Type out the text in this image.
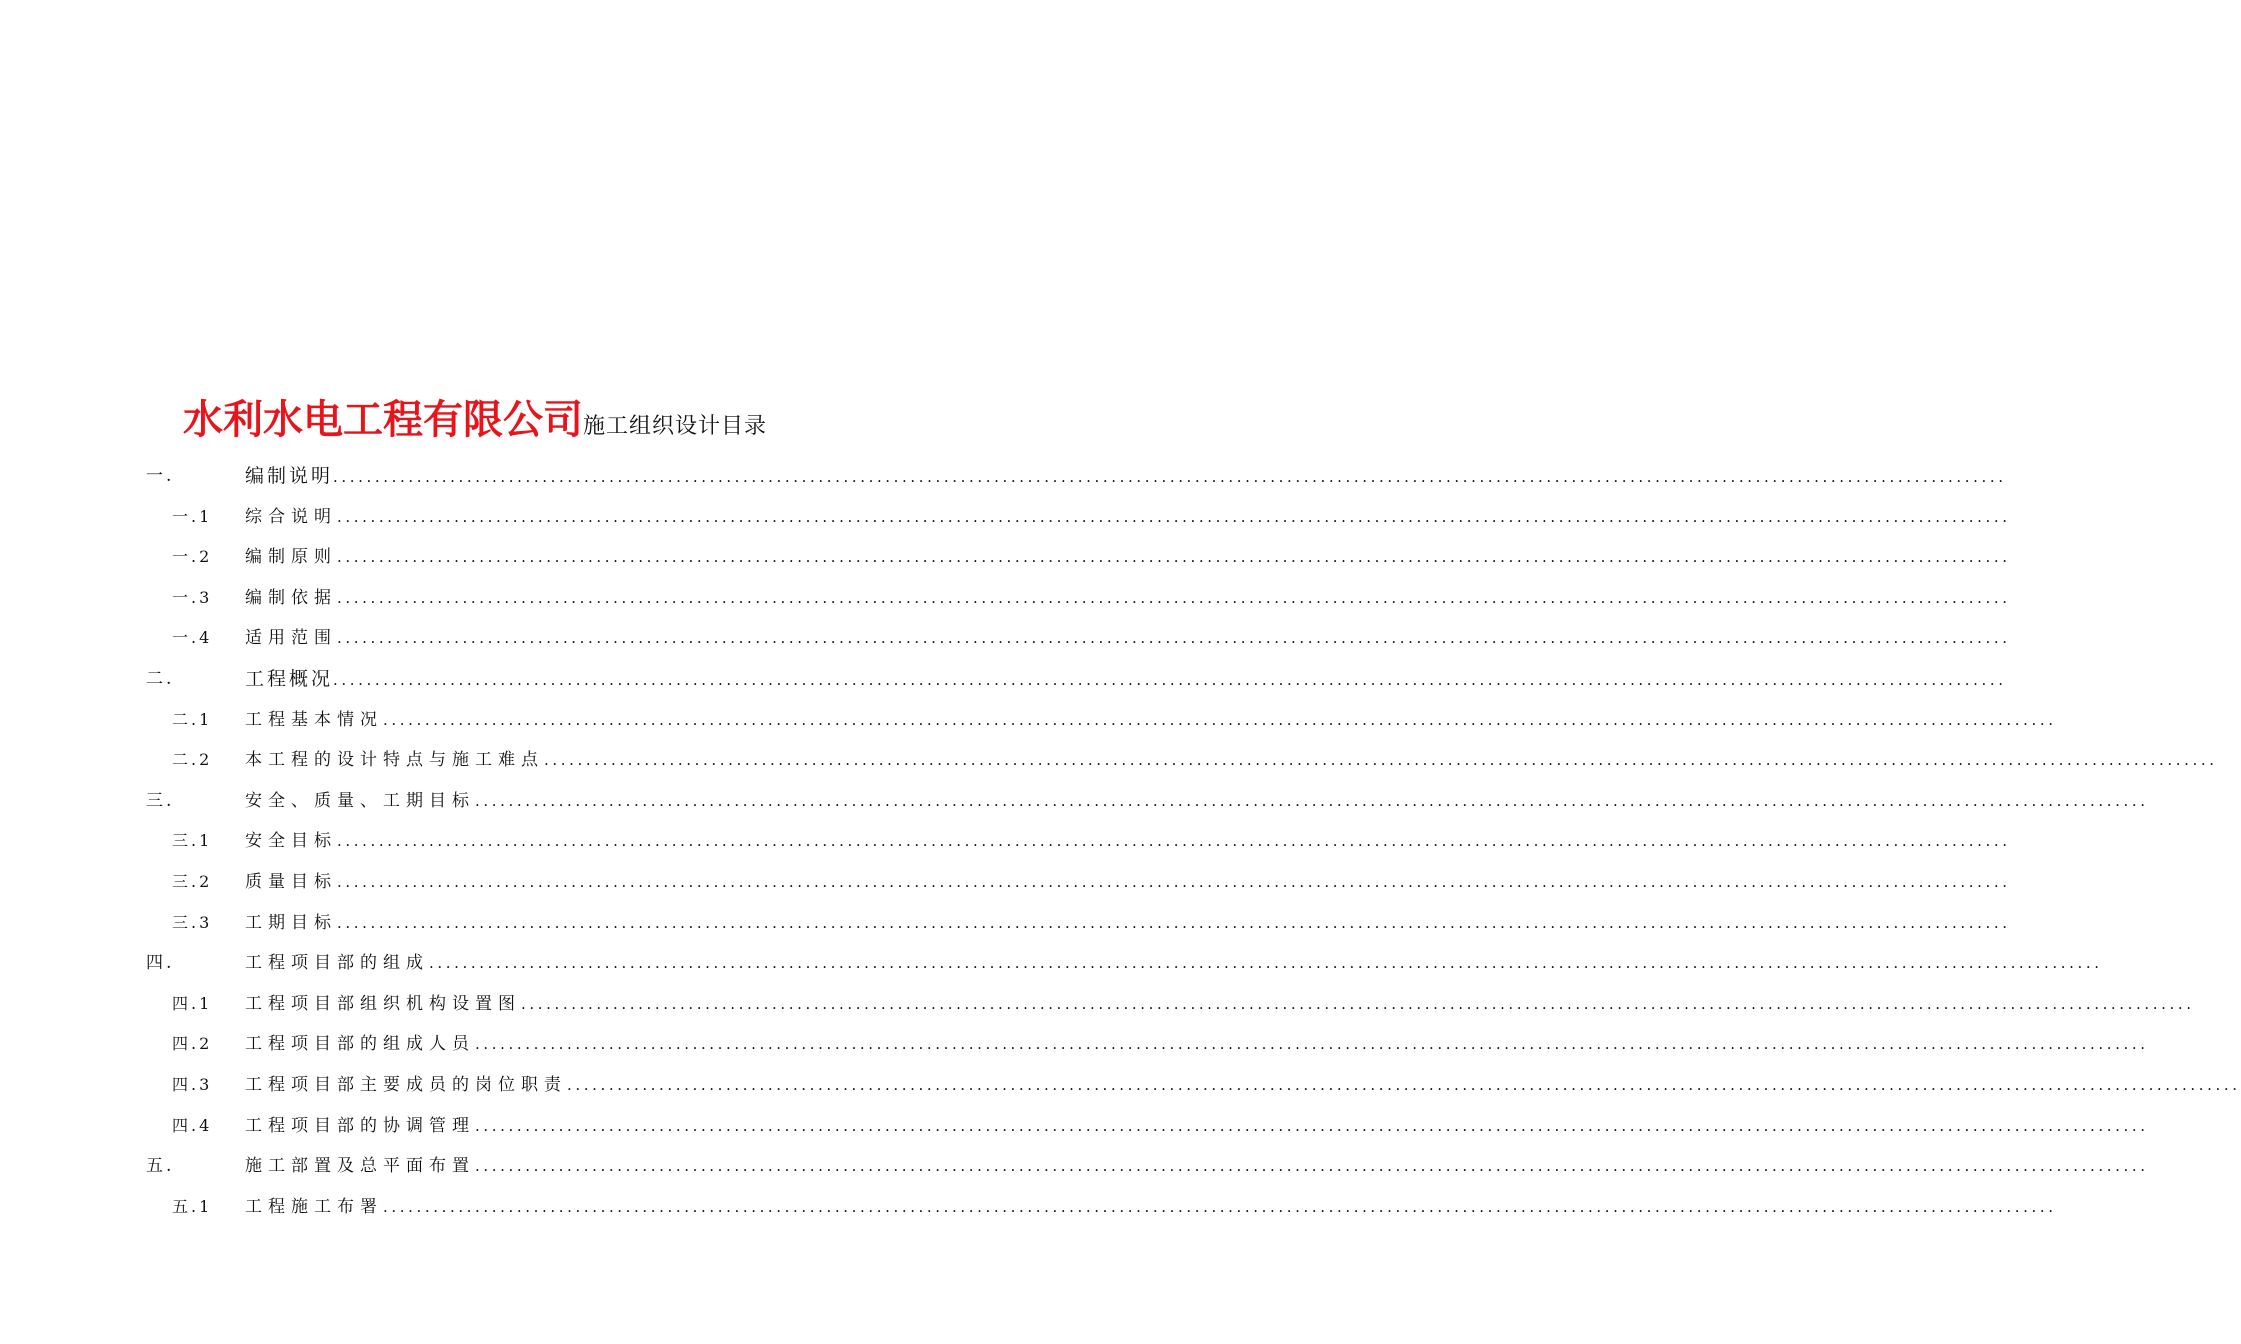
水利水电工程有限公司施工组织设计目录
一.	编制说明 ........................................................................................................................................................................................................
一.1 综合说明 ........................................................................................................................................................................................................
一.2 编制原则 ........................................................................................................................................................................................................
一.3 编制依据 ........................................................................................................................................................................................................
一.4 适用范围 ........................................................................................................................................................................................................
二.	工程概况 ........................................................................................................................................................................................................
二.1 工程基本情况 ........................................................................................................................................................................................................
二.2 本工程的设计特点与施工难点 ........................................................................................................................................................................................................
三.	安全、质量、工期目标 ........................................................................................................................................................................................................
三.1 安全目标 ........................................................................................................................................................................................................
三.2 质量目标 ........................................................................................................................................................................................................
三.3 工期目标 ........................................................................................................................................................................................................
四.	工程项目部的组成 ........................................................................................................................................................................................................
四.1 工程项目部组织机构设置图 ........................................................................................................................................................................................................
四.2 工程项目部的组成人员 ........................................................................................................................................................................................................
四.3 工程项目部主要成员的岗位职责 ........................................................................................................................................................................................................
四.4 工程项目部的协调管理 ........................................................................................................................................................................................................
五.	施工部置及总平面布置 ........................................................................................................................................................................................................
五.1 工程施工布署 ........................................................................................................................................................................................................
